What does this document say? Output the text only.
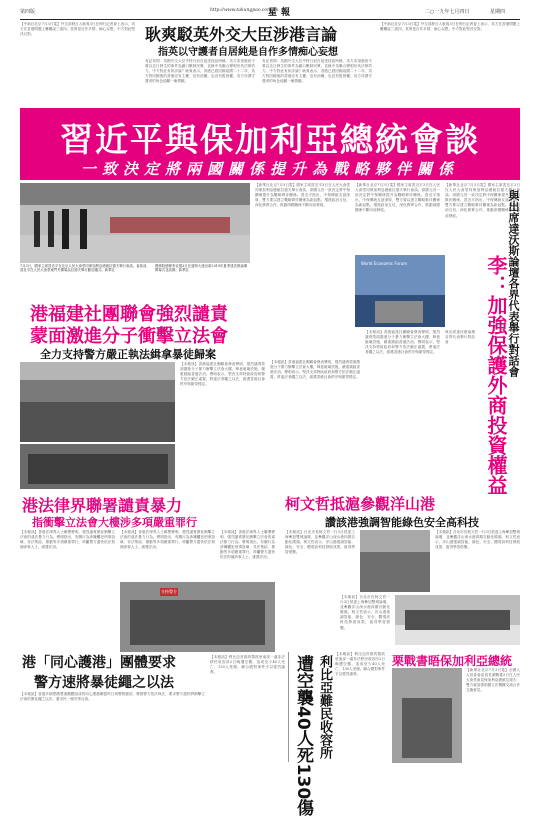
第四版	http://www.takungpao.com.hk
星報	二○一九年七月四日	星期四
【中新社北京7月3日電】外交部發言人耿爽3日在例行記者會上表示，英方在香港問題上屢屢說三道四，其實是自作多情、痴心妄想。中方對此堅決反對。	耿爽駁英外交大臣涉港言論
指英以守護者自居純是自作多情痴心妄想
有記者問：英國外交大臣亨特日前在接受採訪時稱，英方希望港府不要以近日發生的事件為藉口壓制民眾，並稱中英聯合聲明仍具法律效力。中方對此有何評論？耿爽表示，香港已經回歸祖國二十二年，英方對回歸後的香港沒有主權，沒有治權，也沒有監督權。英方所謂守護者的角色純屬一廂情願。
有記者問：英國外交大臣亨特日前在接受採訪時稱，英方希望港府不要以近日發生的事件為藉口壓制民眾，並稱中英聯合聲明仍具法律效力。中方對此有何評論？耿爽表示，香港已經回歸祖國二十二年，英方對回歸後的香港沒有主權，沒有治權，也沒有監督權。英方所謂守護者的角色純屬一廂情願。
【中新社北京7月3日電】外交部發言人耿爽3日在例行記者會上表示，英方在香港問題上屢屢說三道四，其實是自作多情、痴心妄想。中方對此堅決反對。
習近平與保加利亞總統會談
一致決定將兩國關係提升為戰略夥伴關係
7月3日，國家主席習近平在北京人民大會堂同保加利亞總統拉德夫舉行會談。會談前，習近平在人民大會堂東門外廣場為拉德夫舉行歡迎儀式。新華社
國務院總理李克強3日在遼寧大連出席2019年夏季達沃斯論壇開幕式並致辭。新華社
【新華社北京7月3日電】國家主席習近平3日在人民大會堂同保加利亞總統拉德夫舉行會談。兩國元首一致決定將中保關係提升為戰略夥伴關係。習近平指出，中保傳統友誼深厚，雙方要以建立戰略夥伴關係為新起點，增進政治互信，深化務實合作，推動兩國關係不斷向前發展。
【新華社北京7月3日電】國家主席習近平3日在人民大會堂同保加利亞總統拉德夫舉行會談。兩國元首一致決定將中保關係提升為戰略夥伴關係。習近平指出，中保傳統友誼深厚，雙方要以建立戰略夥伴關係為新起點，增進政治互信，深化務實合作，推動兩國關係不斷向前發展。
【新華社北京7月3日電】國家主席習近平3日在人民大會堂同保加利亞總統拉德夫舉行會談。兩國元首一致決定將中保關係提升為戰略夥伴關係。習近平指出，中保傳統友誼深厚，雙方要以建立戰略夥伴關係為新起點，增進政治互信，深化務實合作，推動兩國關係不斷向前發展。
World Economic Forum	與出席達沃斯論壇各界代表舉行對話會
李：加強保護外商投資權益
與出席達沃斯論壇各界代表舉行對話會
港福建社團聯會強烈譴責
蒙面激進分子衝擊立法會
全力支持警方嚴正執法緝拿暴徒歸案
【本報訊】香港福建社團聯會發表聲明，強烈譴責蒙面激進分子暴力衝擊立法會大樓，肆意破壞設施，嚴重踐踏香港法治。聲明表示，堅決支持特區政府和警方依法嚴正處置，將違法者繩之以法，維護香港社會秩序與繁榮穩定。
【本報訊】香港福建社團聯會發表聲明，強烈譴責蒙面激進分子暴力衝擊立法會大樓，肆意破壞設施，嚴重踐踏香港法治。聲明表示，堅決支持特區政府和警方依法嚴正處置，將違法者繩之以法，維護香港社會秩序與繁榮穩定。
【本報訊】香港福建社團聯會發表聲明，強烈譴責蒙面激進分子暴力衝擊立法會大樓，肆意破壞設施，嚴重踐踏香港法治。聲明表示，堅決支持特區政府和警方依法嚴正處置，將違法者繩之以法，維護香港社會秩序與繁榮穩定。
港法律界聯署譴責暴力
指衝擊立法會大樓涉多項嚴重罪行
【本報訊】香港法律界人士聯署聲明，強烈譴責暴徒衝擊立法會的違法暴力行為。聲明指出，有關行為涉嫌觸犯刑事毀壞、非法集結、暴動等多項嚴重罪行，呼籲警方盡快依法拘捕涉事人士，維護法治。
【本報訊】香港法律界人士聯署聲明，強烈譴責暴徒衝擊立法會的違法暴力行為。聲明指出，有關行為涉嫌觸犯刑事毀壞、非法集結、暴動等多項嚴重罪行，呼籲警方盡快依法拘捕涉事人士，維護法治。
支持警方
【本報訊】香港法律界人士聯署聲明，強烈譴責暴徒衝擊立法會的違法暴力行為。聲明指出，有關行為涉嫌觸犯刑事毀壞、非法集結、暴動等多項嚴重罪行，呼籲警方盡快依法拘捕涉事人士，維護法治。
柯文哲抵滬參觀洋山港
讚該港強調智能綠色安全高科技
【本報訊】台北市長柯文哲一行3日抵達上海參加雙城論壇，並參觀洋山深水港四期自動化碼頭。柯文哲表示，洋山港強調智能、綠色、安全，體現高科技發展成果，值得學習借鑒。
【本報訊】台北市長柯文哲一行3日抵達上海參加雙城論壇，並參觀洋山深水港四期自動化碼頭。柯文哲表示，洋山港強調智能、綠色、安全，體現高科技發展成果，值得學習借鑒。
【本報訊】台北市長柯文哲一行3日抵達上海參加雙城論壇，並參觀洋山深水港四期自動化碼頭。柯文哲表示，洋山港強調智能、綠色、安全，體現高科技發展成果，值得學習借鑒。
港「同心護港」團體要求
警方速將暴徒繩之以法
【本報訊】香港多個愛國愛港團體組成的同心護港聯盟昨日到警察總部，聲援警方依法執法，要求警方盡快將衝擊立法會的暴徒繩之以法，還市民一個安寧社會。	利比亞難民收容所
遭空襲40人死130傷
【本報訊】利比亞首都的黎波里東部一處非法移民收容所2日晚遭空襲，造成至少40人死亡、130人受傷。聯合國對事件予以強烈譴責。
【本報訊】利比亞首都的黎波里東部一處非法移民收容所2日晚遭空襲，造成至少40人死亡、130人受傷。聯合國對事件予以強烈譴責。
栗戰書晤保加利亞總統
【新華社北京7月3日電】全國人大常委會委員長栗戰書3日在人民大會堂會見保加利亞總統拉德夫，雙方就加強兩國立法機構交流合作交換意見。
